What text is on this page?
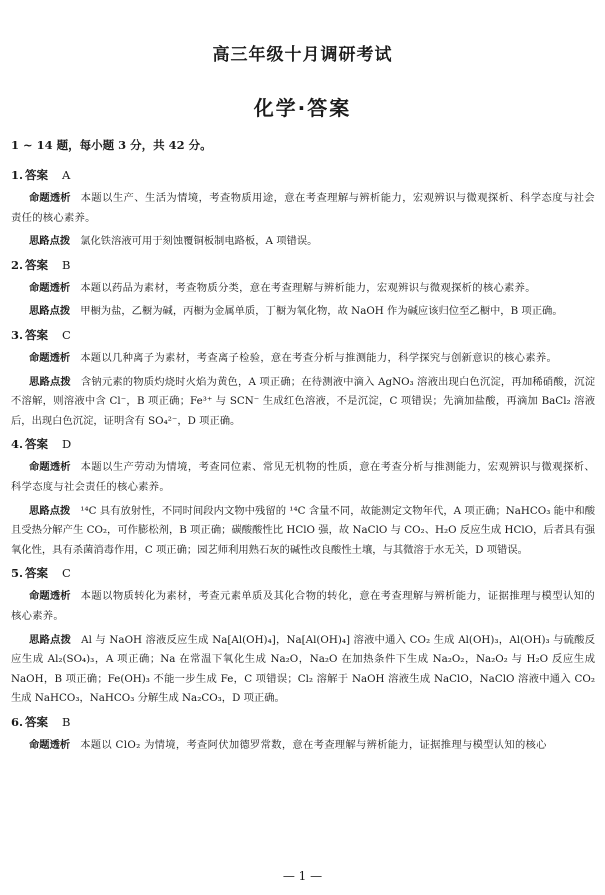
高三年级十月调研考试
化学·答案
1 ~ 14 题，每小题 3 分，共 42 分。
1. 答案 A

命题透析 本题以生产、生活为情境，考查物质用途，意在考查理解与辨析能力，宏观辨识与微观探析、科学态度与社会责任的核心素养。

思路点拨 氯化铁溶液可用于刻蚀覆铜板制电路板，A 项错误。

2. 答案 B

命题透析 本题以药品为素材，考查物质分类，意在考查理解与辨析能力，宏观辨识与微观探析的核心素养。

思路点拨 甲橱为盐，乙橱为碱，丙橱为金属单质，丁橱为氧化物，故 NaOH 作为碱应该归位至乙橱中，B 项正确。

3. 答案 C

命题透析 本题以几种离子为素材，考查离子检验，意在考查分析与推测能力，科学探究与创新意识的核心素养。

思路点拨 含钠元素的物质灼烧时火焰为黄色，A 项正确；在待测液中滴入 AgNO₃ 溶液出现白色沉淀，再加稀硝酸，沉淀不溶解，则溶液中含 Cl⁻，B 项正确；Fe³⁺ 与 SCN⁻ 生成红色溶液，不是沉淀，C 项错误；先滴加盐酸，再滴加 BaCl₂ 溶液后，出现白色沉淀，证明含有 SO₄²⁻，D 项正确。

4. 答案 D

命题透析 本题以生产劳动为情境，考查同位素、常见无机物的性质，意在考查分析与推测能力，宏观辨识与微观探析、科学态度与社会责任的核心素养。

思路点拨 ¹⁴C 具有放射性，不同时间段内文物中残留的 ¹⁴C 含量不同，故能测定文物年代，A 项正确；NaHCO₃ 能中和酸且受热分解产生 CO₂，可作膨松剂，B 项正确；碳酸酸性比 HClO 强，故 NaClO 与 CO₂、H₂O 反应生成 HClO，后者具有强氧化性，具有杀菌消毒作用，C 项正确；园艺师利用熟石灰的碱性改良酸性土壤，与其微溶于水无关，D 项错误。

5. 答案 C

命题透析 本题以物质转化为素材，考查元素单质及其化合物的转化，意在考查理解与辨析能力，证据推理与模型认知的核心素养。

思路点拨 Al 与 NaOH 溶液反应生成 Na[Al(OH)₄]，Na[Al(OH)₄] 溶液中通入 CO₂ 生成 Al(OH)₃，Al(OH)₃ 与硫酸反应生成 Al₂(SO₄)₃，A 项正确；Na 在常温下氧化生成 Na₂O，Na₂O 在加热条件下生成 Na₂O₂，Na₂O₂ 与 H₂O 反应生成 NaOH，B 项正确；Fe(OH)₃ 不能一步生成 Fe，C 项错误；Cl₂ 溶解于 NaOH 溶液生成 NaClO，NaClO 溶液中通入 CO₂ 生成 NaHCO₃，NaHCO₃ 分解生成 Na₂CO₃，D 项正确。

6. 答案 B

命题透析 本题以 ClO₂ 为情境，考查阿伏加德罗常数，意在考查理解与辨析能力，证据推理与模型认知的核心

— 1 —
